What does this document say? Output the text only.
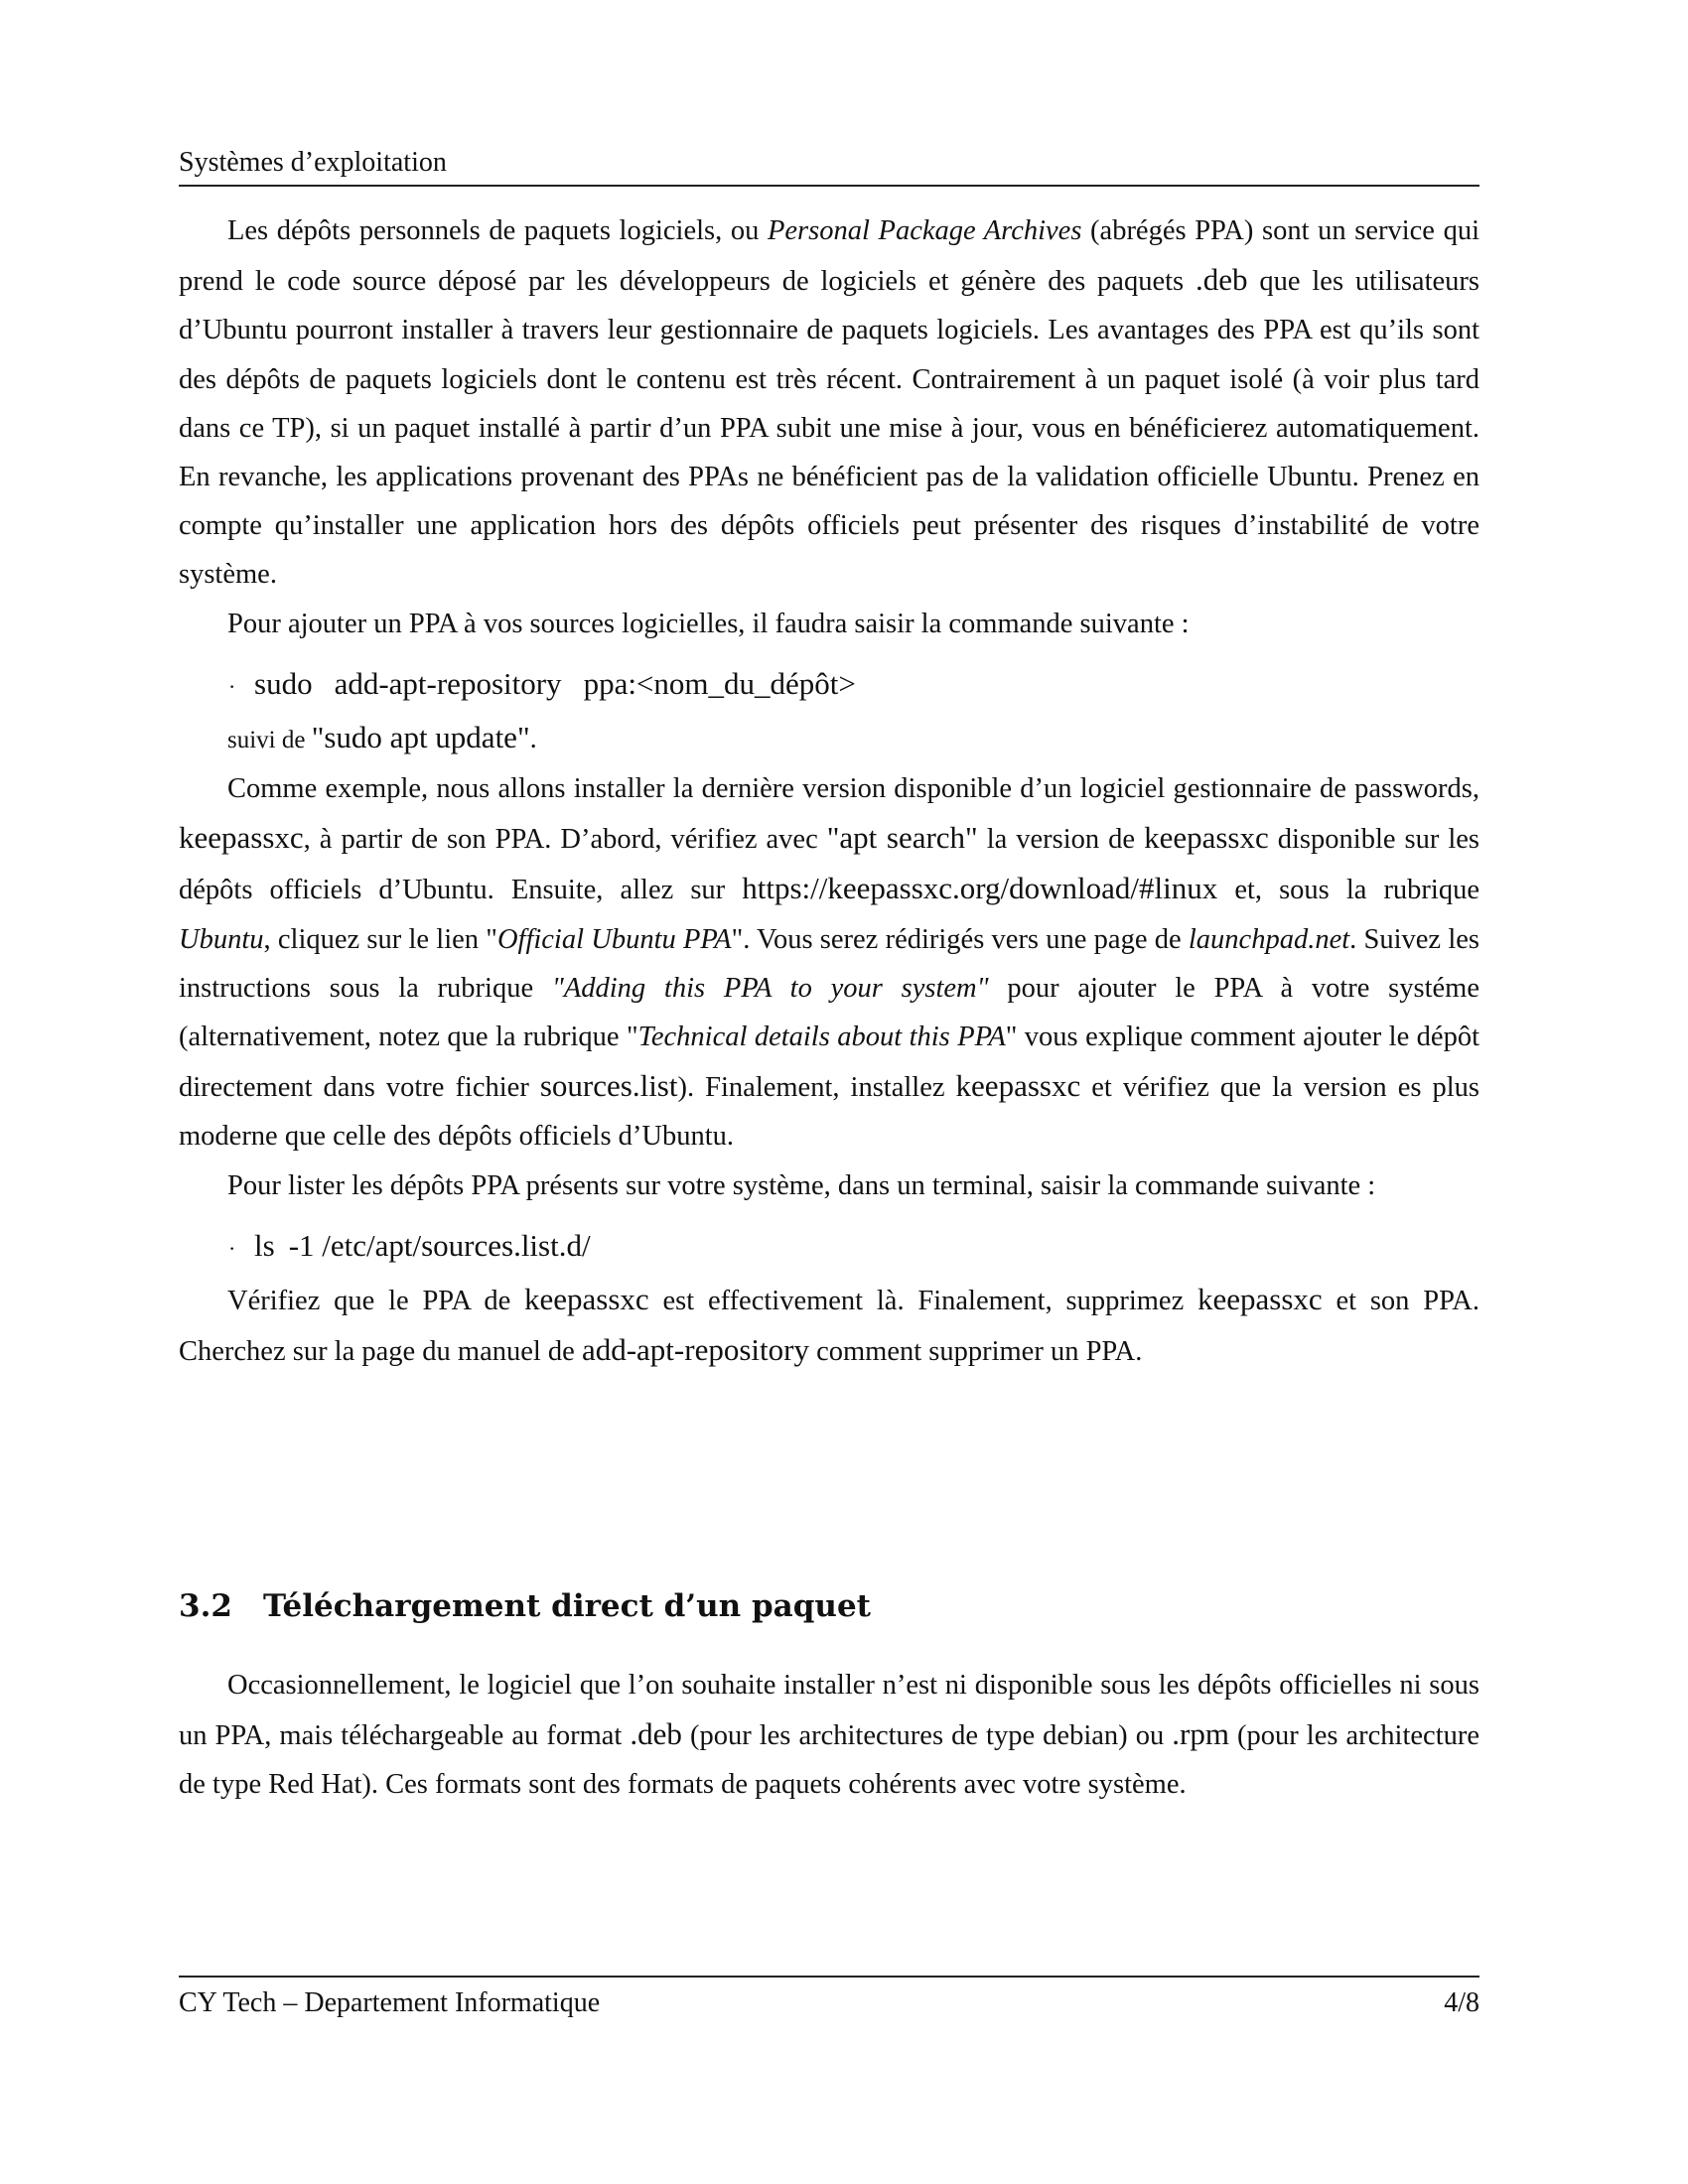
Systèmes d’exploitation

Les dépôts personnels de paquets logiciels, ou Personal Package Archives (abrégés PPA) sont un service qui prend le code source déposé par les développeurs de logiciels et génère des paquets .deb que les utilisateurs d’Ubuntu pourront installer à travers leur gestionnaire de paquets logiciels. Les avantages des PPA est qu’ils sont des dépôts de paquets logiciels dont le contenu est très récent. Contrairement à un paquet isolé (à voir plus tard dans ce TP), si un paquet installé à partir d’un PPA subit une mise à jour, vous en bénéficierez automatiquement. En revanche, les applications provenant des PPAs ne bénéficient pas de la validation officielle Ubuntu. Prenez en compte qu’installer une application hors des dépôts officiels peut présenter des risques d’instabilité de votre système.

Pour ajouter un PPA à vos sources logicielles, il faudra saisir la commande suivante :

· sudo add-apt-repository ppa:<nom_du_dépôt>

suivi de "sudo apt update".

Comme exemple, nous allons installer la dernière version disponible d’un logiciel gestionnaire de passwords, keepassxc, à partir de son PPA. D’abord, vérifiez avec "apt search" la version de keepassxc disponible sur les dépôts officiels d’Ubuntu. Ensuite, allez sur https://keepassxc.org/download/#linux et, sous la rubrique Ubuntu, cliquez sur le lien "Official Ubuntu PPA". Vous serez rédirigés vers une page de launchpad.net. Suivez les instructions sous la rubrique "Adding this PPA to your system" pour ajouter le PPA à votre systéme (alternativement, notez que la rubrique "Technical details about this PPA" vous explique comment ajouter le dépôt directement dans votre fichier sources.list). Finalement, installez keepassxc et vérifiez que la version es plus moderne que celle des dépôts officiels d’Ubuntu.

Pour lister les dépôts PPA présents sur votre système, dans un terminal, saisir la commande suivante :

· ls -1 /etc/apt/sources.list.d/

Vérifiez que le PPA de keepassxc est effectivement là. Finalement, supprimez keepassxc et son PPA. Cherchez sur la page du manuel de add-apt-repository comment supprimer un PPA.

3.2 Téléchargement direct d’un paquet

Occasionnellement, le logiciel que l’on souhaite installer n’est ni disponible sous les dépôts officielles ni sous un PPA, mais téléchargeable au format .deb (pour les architectures de type debian) ou .rpm (pour les architecture de type Red Hat). Ces formats sont des formats de paquets cohérents avec votre système.

CY Tech – Departement Informatique	4/8
